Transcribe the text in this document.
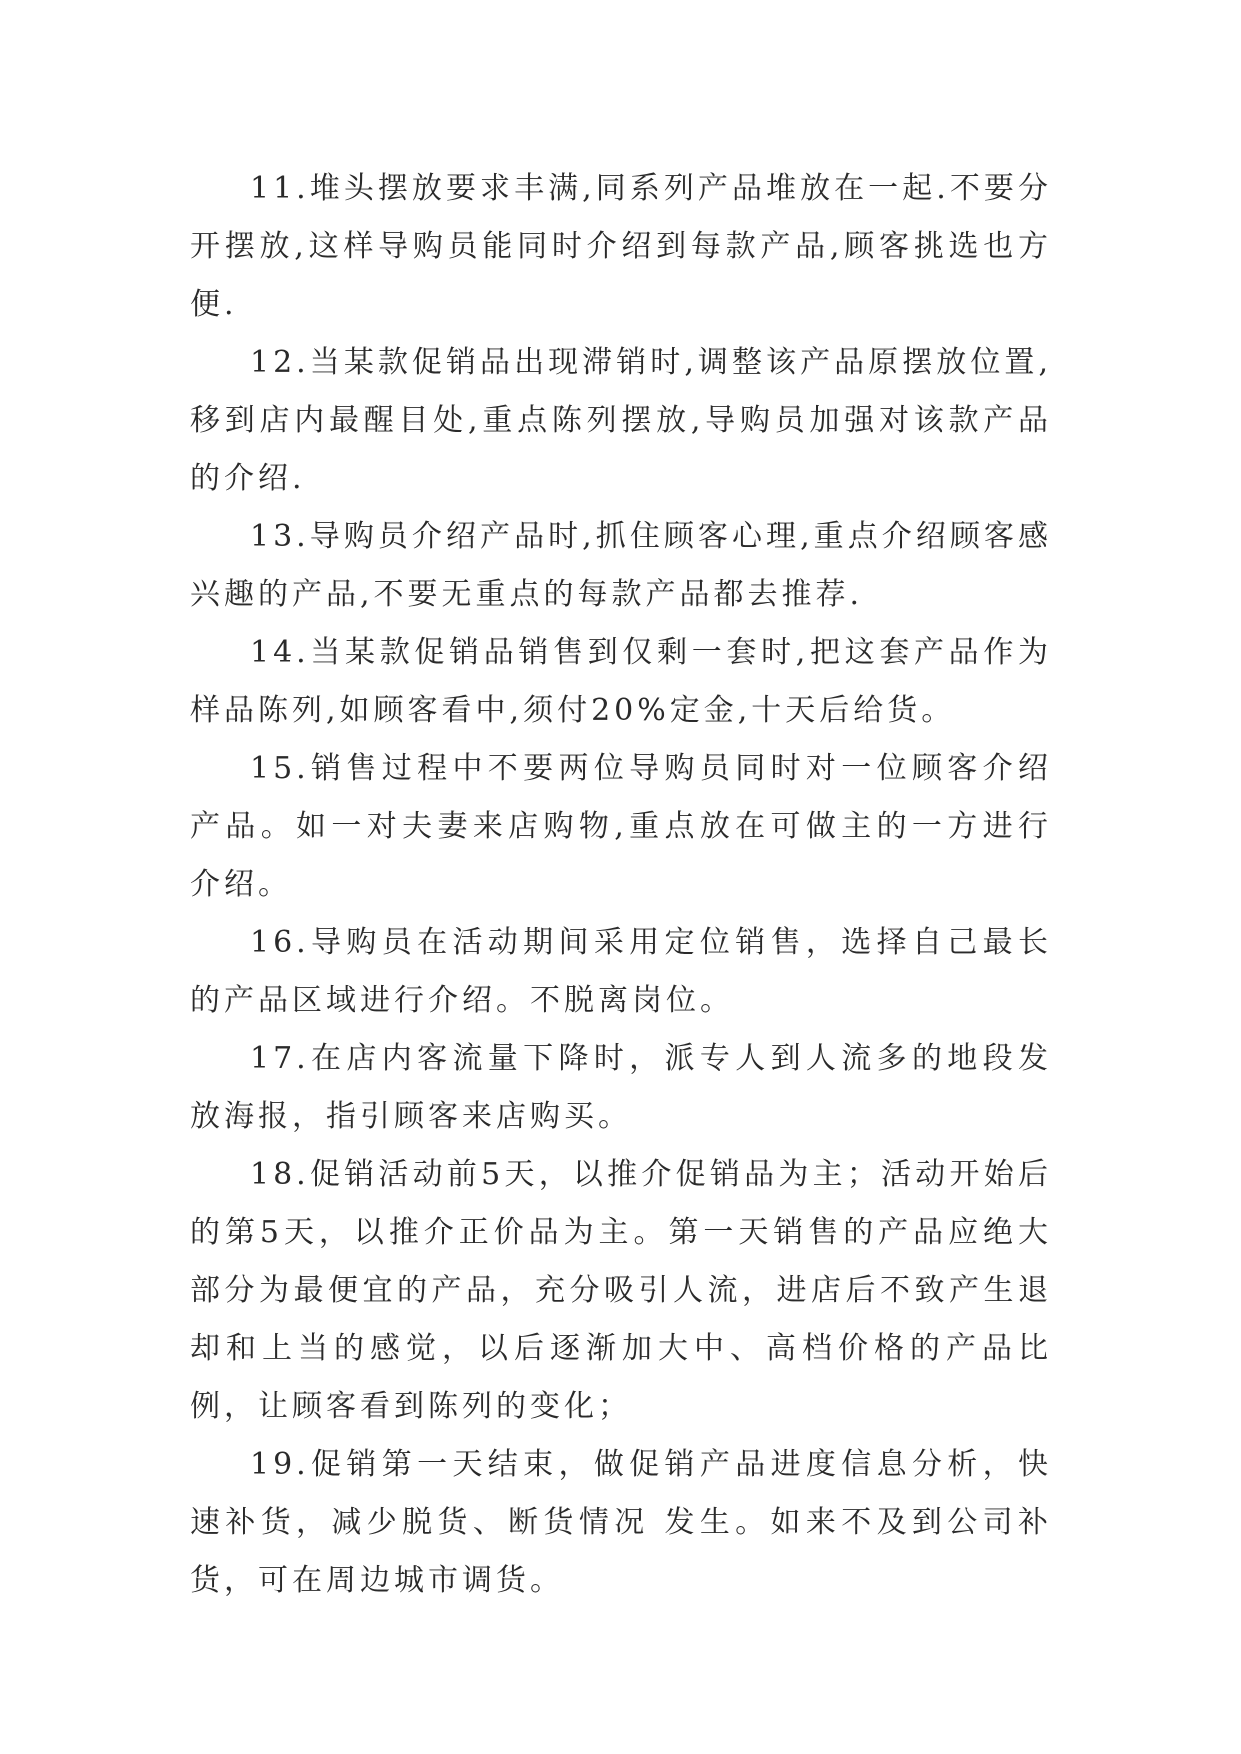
11.堆头摆放要求丰满,同系列产品堆放在一起.不要分开摆放,这样导购员能同时介绍到每款产品,顾客挑选也方便.

12.当某款促销品出现滞销时,调整该产品原摆放位置,移到店内最醒目处,重点陈列摆放,导购员加强对该款产品的介绍.

13.导购员介绍产品时,抓住顾客心理,重点介绍顾客感兴趣的产品,不要无重点的每款产品都去推荐.

14.当某款促销品销售到仅剩一套时,把这套产品作为样品陈列,如顾客看中,须付20%定金,十天后给货。

15.销售过程中不要两位导购员同时对一位顾客介绍产品。如一对夫妻来店购物,重点放在可做主的一方进行介绍。

16.导购员在活动期间采用定位销售，选择自己最长的产品区域进行介绍。不脱离岗位。

17.在店内客流量下降时，派专人到人流多的地段发放海报，指引顾客来店购买。

18.促销活动前5天，以推介促销品为主；活动开始后的第5天，以推介正价品为主。第一天销售的产品应绝大部分为最便宜的产品，充分吸引人流，进店后不致产生退却和上当的感觉，以后逐渐加大中、高档价格的产品比例，让顾客看到陈列的变化；

19.促销第一天结束，做促销产品进度信息分析，快速补货，减少脱货、断货情况 发生。如来不及到公司补货，可在周边城市调货。
